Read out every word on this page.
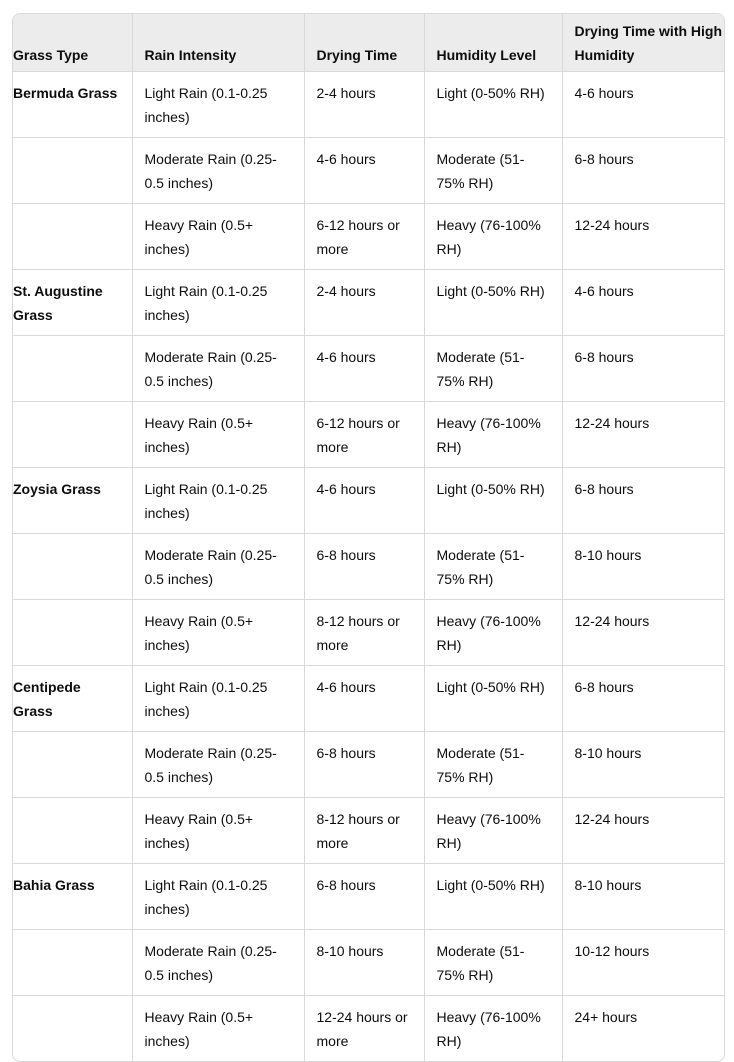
Grass Type	Rain Intensity	Drying Time	Humidity Level	Drying Time with High
Humidity
Bermuda Grass	Light Rain (0.1-0.25 inches)	2-4 hours	Light (0-50% RH)	4-6 hours
	Moderate Rain (0.25-0.5 inches)	4-6 hours	Moderate (51-75% RH)	6-8 hours
	Heavy Rain (0.5+ inches)	6-12 hours or more	Heavy (76-100% RH)	12-24 hours
St. Augustine Grass	Light Rain (0.1-0.25 inches)	2-4 hours	Light (0-50% RH)	4-6 hours
	Moderate Rain (0.25-0.5 inches)	4-6 hours	Moderate (51-75% RH)	6-8 hours
	Heavy Rain (0.5+ inches)	6-12 hours or more	Heavy (76-100% RH)	12-24 hours
Zoysia Grass	Light Rain (0.1-0.25 inches)	4-6 hours	Light (0-50% RH)	6-8 hours
	Moderate Rain (0.25-0.5 inches)	6-8 hours	Moderate (51-75% RH)	8-10 hours
	Heavy Rain (0.5+ inches)	8-12 hours or more	Heavy (76-100% RH)	12-24 hours
Centipede Grass	Light Rain (0.1-0.25 inches)	4-6 hours	Light (0-50% RH)	6-8 hours
	Moderate Rain (0.25-0.5 inches)	6-8 hours	Moderate (51-75% RH)	8-10 hours
	Heavy Rain (0.5+ inches)	8-12 hours or more	Heavy (76-100% RH)	12-24 hours
Bahia Grass	Light Rain (0.1-0.25 inches)	6-8 hours	Light (0-50% RH)	8-10 hours
	Moderate Rain (0.25-0.5 inches)	8-10 hours	Moderate (51-75% RH)	10-12 hours
	Heavy Rain (0.5+ inches)	12-24 hours or more	Heavy (76-100% RH)	24+ hours
